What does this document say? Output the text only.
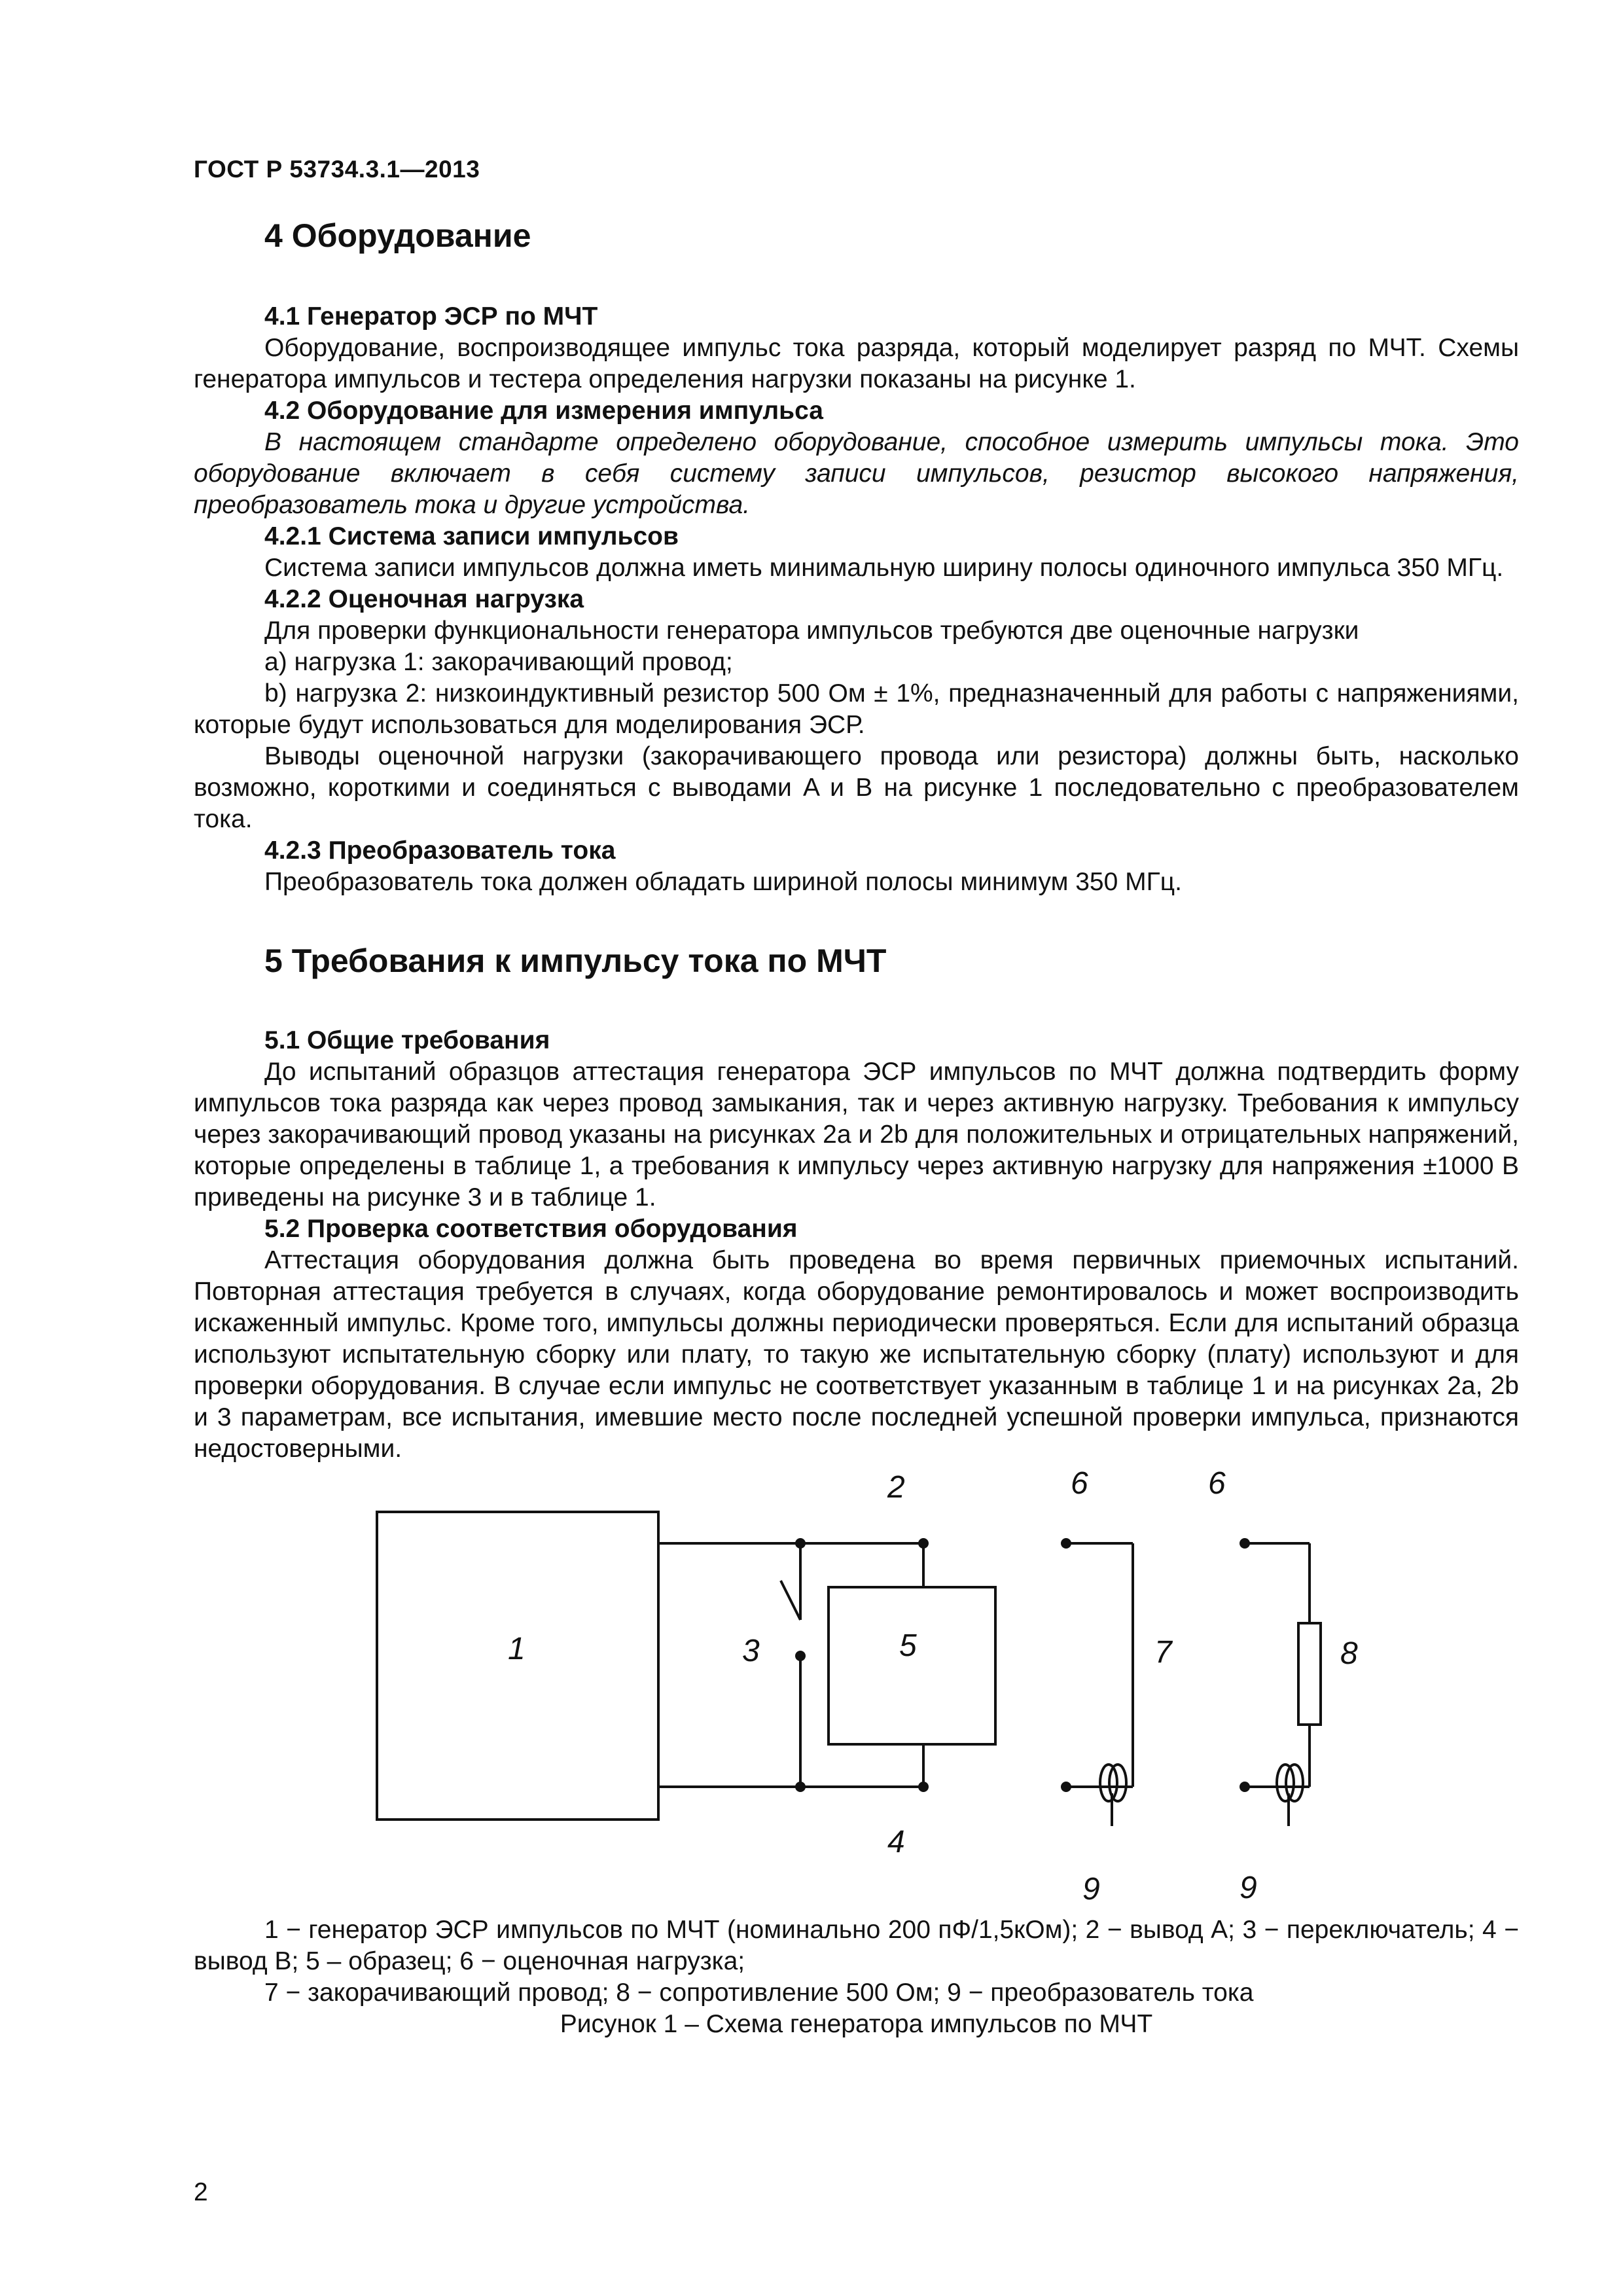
ГОСТ Р 53734.3.1—2013
4 Оборудование
4.1 Генератор ЭСР по МЧТ

Оборудование, воспроизводящее импульс тока разряда, который моделирует разряд по МЧТ. Схемы генератора импульсов и тестера определения нагрузки показаны на рисунке 1.

4.2 Оборудование для измерения импульса

В настоящем стандарте определено оборудование, способное измерить импульсы тока. Это оборудование включает в себя систему записи импульсов, резистор высокого напряжения, преобразователь тока и другие устройства.

4.2.1 Система записи импульсов

Система записи импульсов должна иметь минимальную ширину полосы одиночного импульса 350 МГц.

4.2.2 Оценочная нагрузка

Для проверки функциональности генератора импульсов требуются две оценочные нагрузки

a) нагрузка 1: закорачивающий провод;

b) нагрузка 2: низкоиндуктивный резистор 500 Ом ± 1%, предназначенный для работы с напряжениями, которые будут использоваться для моделирования ЭСР.

Выводы оценочной нагрузки (закорачивающего провода или резистора) должны быть, насколько возможно, короткими и соединяться с выводами A и B на рисунке 1 последовательно с преобразователем тока.

4.2.3 Преобразователь тока

Преобразователь тока должен обладать шириной полосы минимум 350 МГц.

5 Требования к импульсу тока по МЧТ
5.1 Общие требования

До испытаний образцов аттестация генератора ЭСР импульсов по МЧТ должна подтвердить форму импульсов тока разряда как через провод замыкания, так и через активную нагрузку. Требования к импульсу через закорачивающий провод указаны на рисунках 2a и 2b для положительных и отрицательных напряжений, которые определены в таблице 1, а требования к импульсу через активную нагрузку для напряжения ±1000 В приведены на рисунке 3 и в таблице 1.

5.2 Проверка соответствия оборудования

Аттестация оборудования должна быть проведена во время первичных приемочных испытаний. Повторная аттестация требуется в случаях, когда оборудование ремонтировалось и может воспроизводить искаженный импульс. Кроме того, импульсы должны периодически проверяться. Если для испытаний образца используют испытательную сборку или плату, то такую же испытательную сборку (плату) используют и для проверки оборудования. В случае если импульс не соответствует указанным в таблице 1 и на рисунках 2a, 2b и 3 параметрам, все испытания, имевшие место после последней успешной проверки импульса, признаются недостоверными.

1
2
3
4
5
6	6
7	8
9	9

1 − генератор ЭСР импульсов по МЧТ (номинально 200 пФ/1,5кОм); 2 − вывод А; 3 − переключатель; 4 − вывод В; 5 – образец; 6 − оценочная нагрузка;

7 − закорачивающий провод; 8 − сопротивление 500 Ом; 9 − преобразователь тока

Рисунок 1 – Схема генератора импульсов по МЧТ

2
